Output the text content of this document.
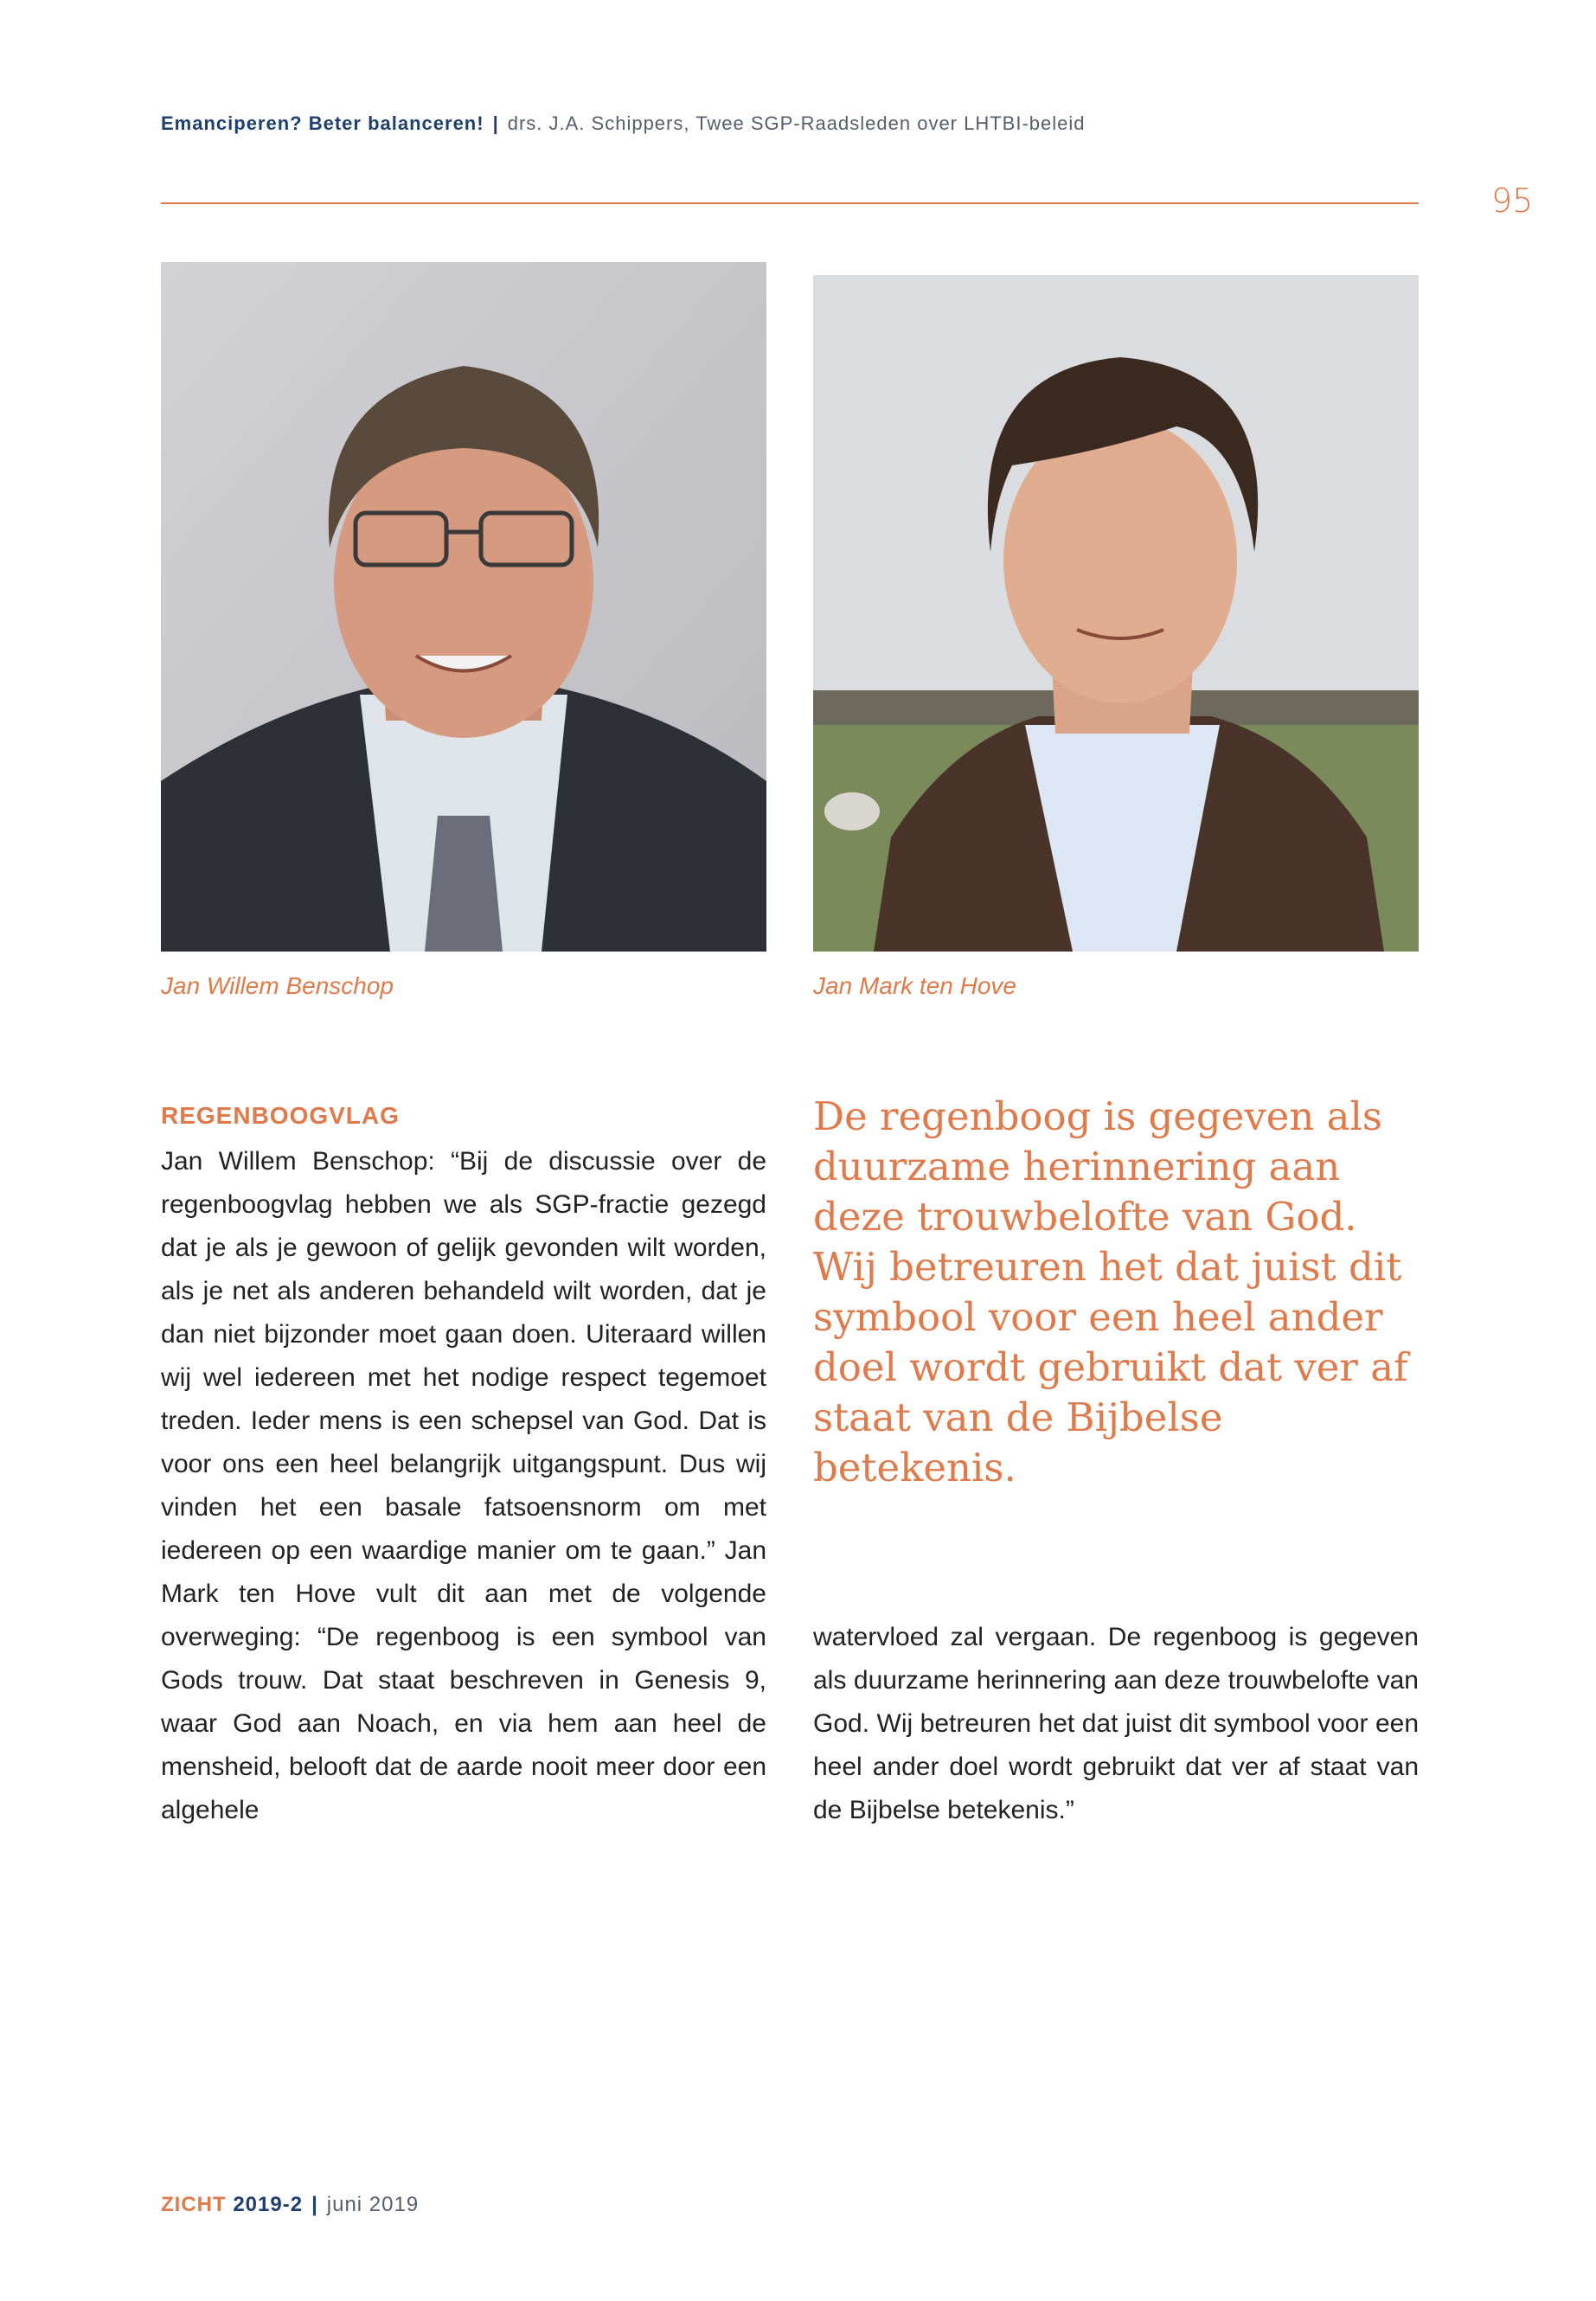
Emanciperen? Beter balanceren! | drs. J.A. Schippers, Twee SGP-Raadsleden over LHTBI-beleid
95
Jan Willem Benschop	Jan Mark ten Hove
REGENBOOGVLAG
Jan Willem Benschop: “Bij de discussie over de regenboogvlag hebben we als SGP-fractie gezegd dat je als je gewoon of gelijk gevonden wilt worden, als je net als anderen behandeld wilt worden, dat je dan niet bijzonder moet gaan doen. Uiteraard willen wij wel iedereen met het nodige respect tegemoet treden. Ieder mens is een schepsel van God. Dat is voor ons een heel belangrijk uitgangspunt. Dus wij vinden het een basale fatsoensnorm om met iedereen op een waardige manier om te gaan.” Jan Mark ten Hove vult dit aan met de volgende overweging: “De regenboog is een symbool van Gods trouw. Dat staat beschreven in Genesis 9, waar God aan Noach, en via hem aan heel de mensheid, belooft dat de aarde nooit meer door een algehele

De regenboog is gegeven als duurzame herinnering aan deze trouwbelofte van God. Wij betreuren het dat juist dit symbool voor een heel ander doel wordt gebruikt dat ver af staat van de Bijbelse betekenis.

watervloed zal vergaan. De regenboog is gegeven als duurzame herinnering aan deze trouwbelofte van God. Wij betreuren het dat juist dit symbool voor een heel ander doel wordt gebruikt dat ver af staat van de Bijbelse betekenis.”
ZICHT 2019-2 | juni 2019
